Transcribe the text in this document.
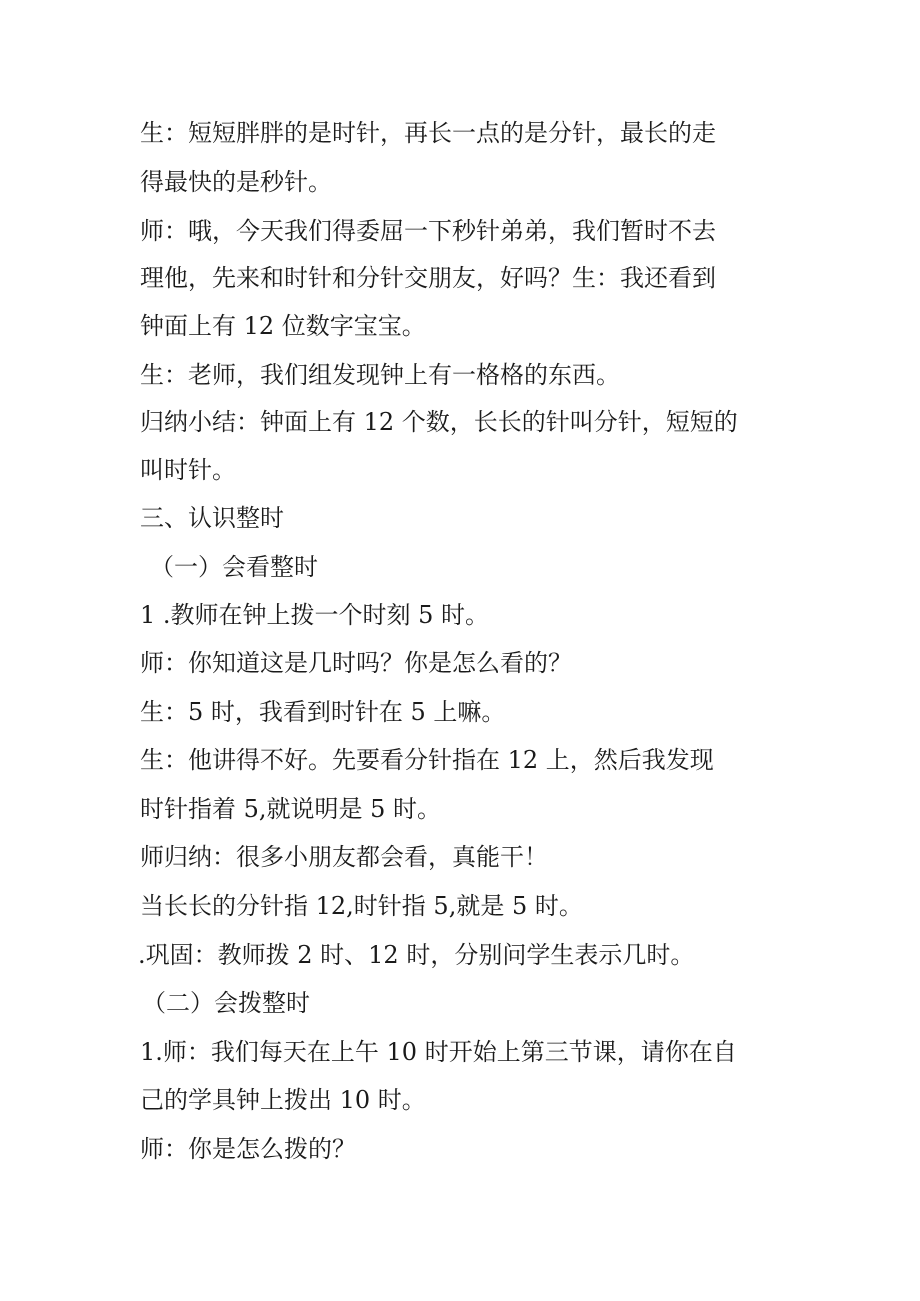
生：短短胖胖的是时针，再长一点的是分针，最长的走
得最快的是秒针。
师：哦，今天我们得委屈一下秒针弟弟，我们暂时不去
理他，先来和时针和分针交朋友，好吗？生：我还看到
钟面上有 12 位数字宝宝。
生：老师，我们组发现钟上有一格格的东西。
归纳小结：钟面上有 12 个数，长长的针叫分针，短短的
叫时针。
三、认识整时
（一）会看整时
1 .教师在钟上拨一个时刻 5 时。
师：你知道这是几时吗？你是怎么看的？
生：5 时，我看到时针在 5 上嘛。
生：他讲得不好。先要看分针指在 12 上，然后我发现
时针指着 5,就说明是 5 时。
师归纳：很多小朋友都会看，真能干！
当长长的分针指 12,时针指 5,就是 5 时。
.巩固：教师拨 2 时、12 时，分别问学生表示几时。
（二）会拨整时
1.师：我们每天在上午 10 时开始上第三节课，请你在自
己的学具钟上拨出 10 时。
师：你是怎么拨的？
